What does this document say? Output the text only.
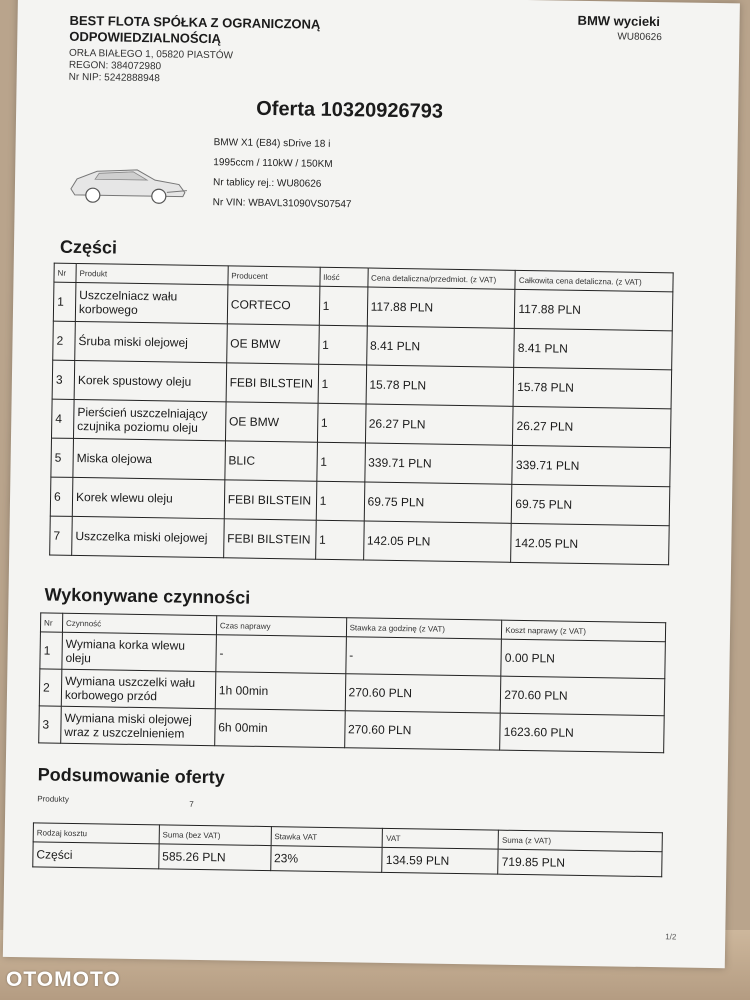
BEST FLOTA SPÓŁKA Z OGRANICZONĄ ODPOWIEDZIALNOŚCIĄ
ORŁA BIAŁEGO 1, 05820 PIASTÓW
REGON: 384072980
Nr NIP: 5242888948
BMW wycieki
WU80626
Oferta 10320926793
BMW X1 (E84) sDrive 18 i
1995ccm / 110kW / 150KM
Nr tablicy rej.: WU80626
Nr VIN: WBAVL31090VS07547
Części
Nr	Produkt	Producent	Ilość	Cena detaliczna/przedmiot. (z VAT)	Całkowita cena detaliczna. (z VAT)
1	Uszczelniacz wału korbowego	CORTECO	1	117.88 PLN	117.88 PLN
2	Śruba miski olejowej	OE BMW	1	8.41 PLN	8.41 PLN
3	Korek spustowy oleju	FEBI BILSTEIN	1	15.78 PLN	15.78 PLN
4	Pierścień uszczelniający czujnika poziomu oleju	OE BMW	1	26.27 PLN	26.27 PLN
5	Miska olejowa	BLIC	1	339.71 PLN	339.71 PLN
6	Korek wlewu oleju	FEBI BILSTEIN	1	69.75 PLN	69.75 PLN
7	Uszczelka miski olejowej	FEBI BILSTEIN	1	142.05 PLN	142.05 PLN
Wykonywane czynności
Nr	Czynność	Czas naprawy	Stawka za godzinę (z VAT)	Koszt naprawy (z VAT)
1	Wymiana korka wlewu oleju	-	-	0.00 PLN
2	Wymiana uszczelki wału korbowego przód	1h 00min	270.60 PLN	270.60 PLN
3	Wymiana miski olejowej wraz z uszczelnieniem	6h 00min	270.60 PLN	1623.60 PLN
Podsumowanie oferty
Produkty
7
Rodzaj kosztu	Suma (bez VAT)	Stawka VAT	VAT	Suma (z VAT)
Części	585.26 PLN	23%	134.59 PLN	719.85 PLN
1/2
OTOMOTO
